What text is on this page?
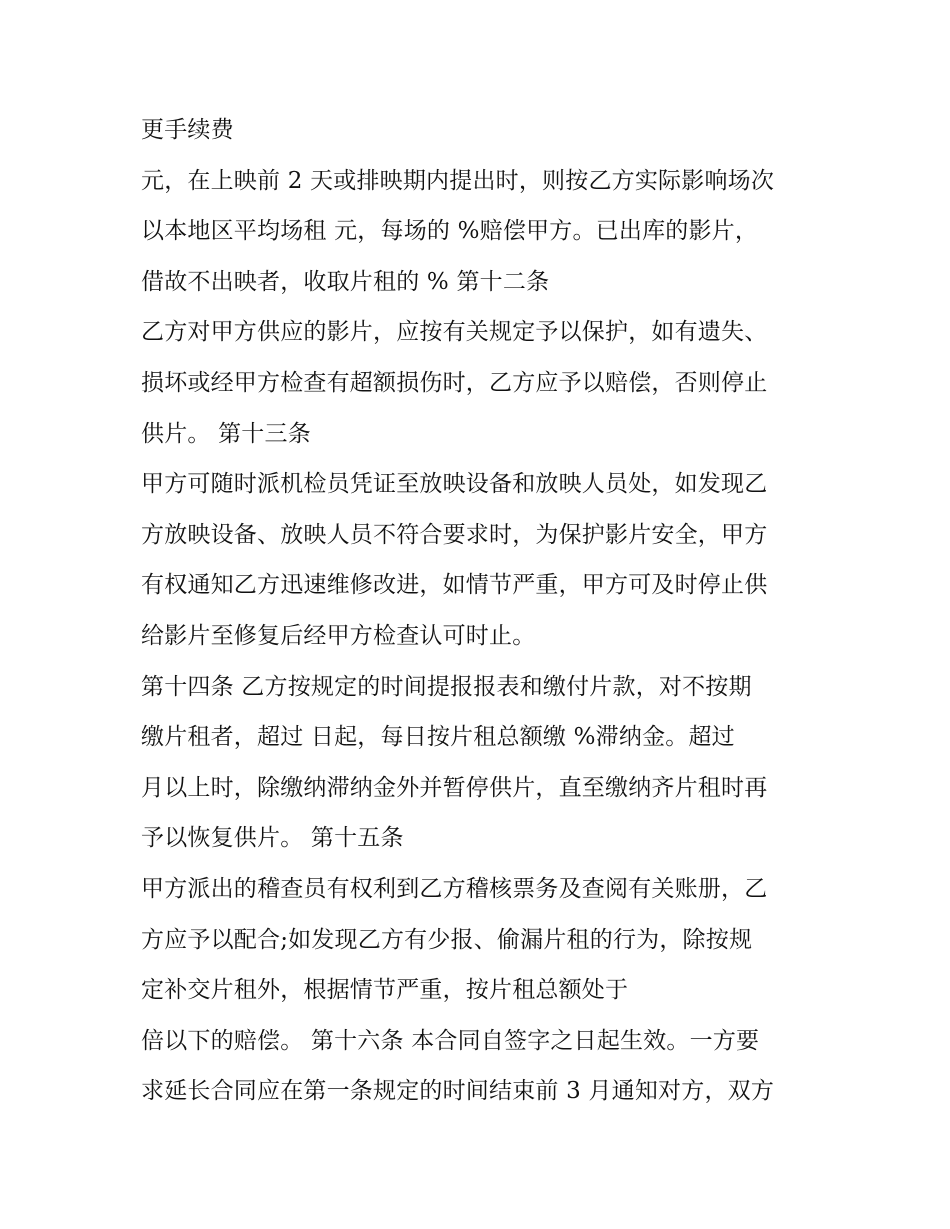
更手续费
元，在上映前 2 天或排映期内提出时，则按乙方实际影响场次
以本地区平均场租 元，每场的 %赔偿甲方。已出库的影片，
借故不出映者，收取片租的 % 第十二条
乙方对甲方供应的影片，应按有关规定予以保护，如有遗失、
损坏或经甲方检查有超额损伤时，乙方应予以赔偿，否则停止
供片。 第十三条
甲方可随时派机检员凭证至放映设备和放映人员处，如发现乙
方放映设备、放映人员不符合要求时，为保护影片安全，甲方
有权通知乙方迅速维修改进，如情节严重，甲方可及时停止供
给影片至修复后经甲方检查认可时止。
第十四条 乙方按规定的时间提报报表和缴付片款，对不按期
缴片租者，超过 日起，每日按片租总额缴 %滞纳金。超过
月以上时，除缴纳滞纳金外并暂停供片，直至缴纳齐片租时再
予以恢复供片。 第十五条
甲方派出的稽查员有权利到乙方稽核票务及查阅有关账册，乙
方应予以配合;如发现乙方有少报、偷漏片租的行为，除按规
定补交片租外，根据情节严重，按片租总额处于
倍以下的赔偿。 第十六条 本合同自签字之日起生效。一方要
求延长合同应在第一条规定的时间结束前 3 月通知对方，双方
